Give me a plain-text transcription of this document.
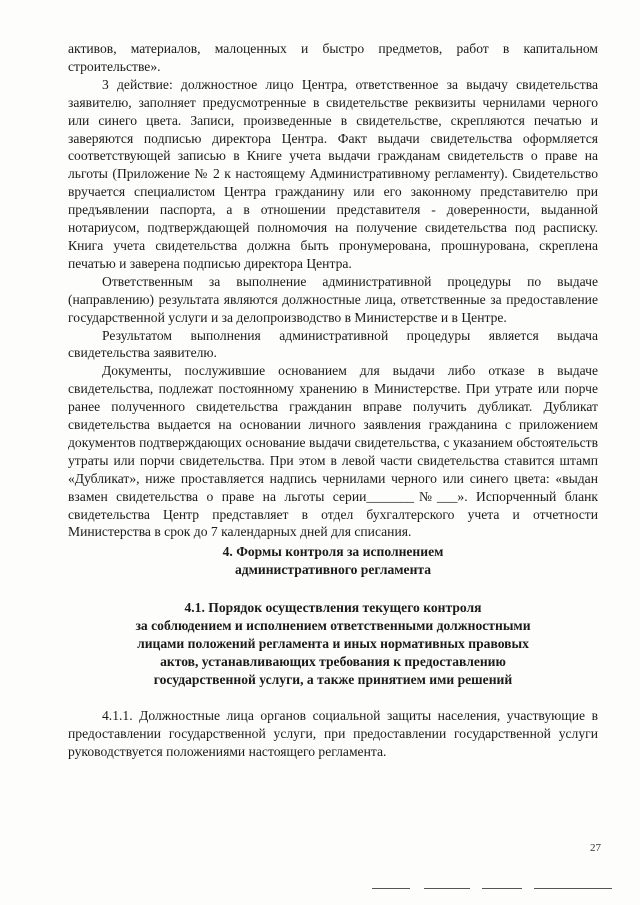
активов, материалов, малоценных и быстро предметов, работ в капитальном строительстве».

3 действие: должностное лицо Центра, ответственное за выдачу свидетельства заявителю, заполняет предусмотренные в свидетельстве реквизиты чернилами черного или синего цвета. Записи, произведенные в свидетельстве, скрепляются печатью и заверяются подписью директора Центра. Факт выдачи свидетельства оформляется соответствующей записью в Книге учета выдачи гражданам свидетельств о праве на льготы (Приложение № 2 к настоящему Административному регламенту). Свидетельство вручается специалистом Центра гражданину или его законному представителю при предъявлении паспорта, а в отношении представителя - доверенности, выданной нотариусом, подтверждающей полномочия на получение свидетельства под расписку. Книга учета свидетельства должна быть пронумерована, прошнурована, скреплена печатью и заверена подписью директора Центра.

Ответственным за выполнение административной процедуры по выдаче (направлению) результата являются должностные лица, ответственные за предоставление государственной услуги и за делопроизводство в Министерстве и в Центре.

Результатом выполнения административной процедуры является выдача свидетельства заявителю.

Документы, послужившие основанием для выдачи либо отказе в выдаче свидетельства, подлежат постоянному хранению в Министерстве. При утрате или порче ранее полученного свидетельства гражданин вправе получить дубликат. Дубликат свидетельства выдается на основании личного заявления гражданина с приложением документов подтверждающих основание выдачи свидетельства, с указанием обстоятельств утраты или порчи свидетельства. При этом в левой части свидетельства ставится штамп «Дубликат», ниже проставляется надпись чернилами черного или синего цвета: «выдан взамен свидетельства о праве на льготы серии_______№___». Испорченный бланк свидетельства Центр представляет в отдел бухгалтерского учета и отчетности Министерства в срок до 7 календарных дней для списания.

4. Формы контроля за исполнением
административного регламента
4.1. Порядок осуществления текущего контроля
за соблюдением и исполнением ответственными должностными
лицами положений регламента и иных нормативных правовых
актов, устанавливающих требования к предоставлению
государственной услуги, а также принятием ими решений

4.1.1. Должностные лица органов социальной защиты населения, участвующие в предоставлении государственной услуги, при предоставлении государственной услуги руководствуется положениями настоящего регламента.

27
